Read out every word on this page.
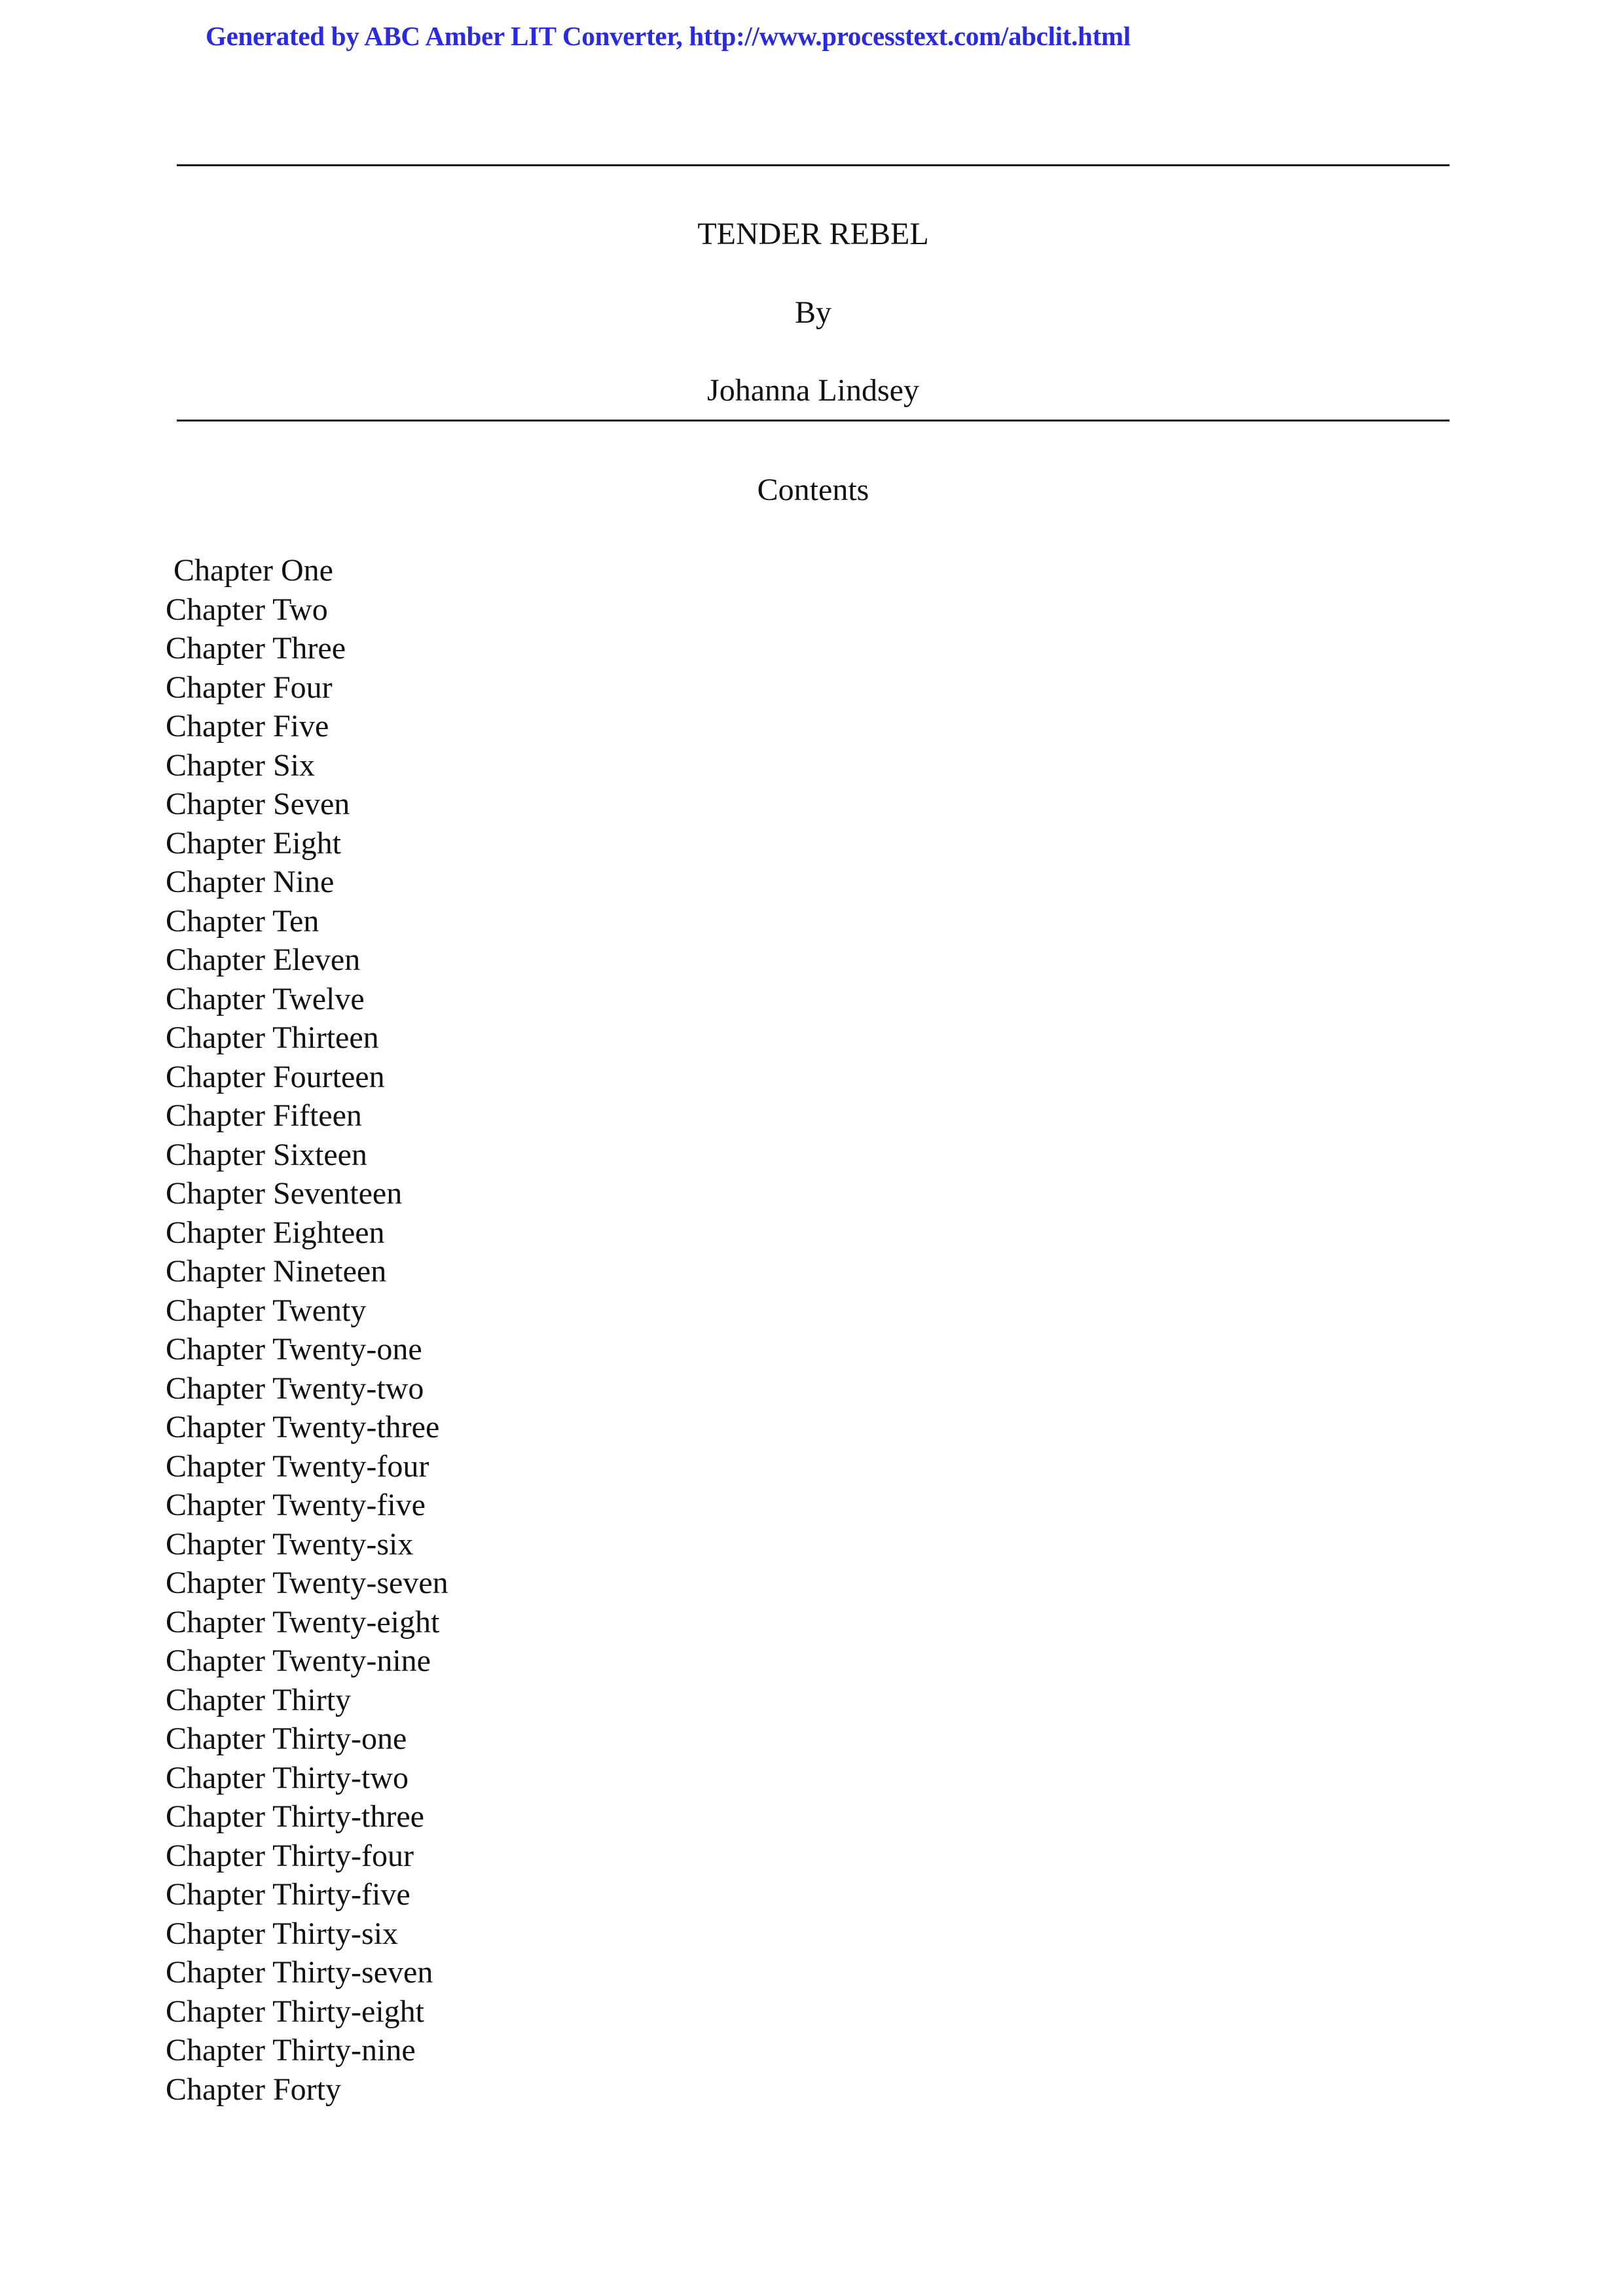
Generated by ABC Amber LIT Converter, http://www.processtext.com/abclit.html
TENDER REBEL
By
Johanna Lindsey
Contents
Chapter One
Chapter Two
Chapter Three
Chapter Four
Chapter Five
Chapter Six
Chapter Seven
Chapter Eight
Chapter Nine
Chapter Ten
Chapter Eleven
Chapter Twelve
Chapter Thirteen
Chapter Fourteen
Chapter Fifteen
Chapter Sixteen
Chapter Seventeen
Chapter Eighteen
Chapter Nineteen
Chapter Twenty
Chapter Twenty-one
Chapter Twenty-two
Chapter Twenty-three
Chapter Twenty-four
Chapter Twenty-five
Chapter Twenty-six
Chapter Twenty-seven
Chapter Twenty-eight
Chapter Twenty-nine
Chapter Thirty
Chapter Thirty-one
Chapter Thirty-two
Chapter Thirty-three
Chapter Thirty-four
Chapter Thirty-five
Chapter Thirty-six
Chapter Thirty-seven
Chapter Thirty-eight
Chapter Thirty-nine
Chapter Forty
